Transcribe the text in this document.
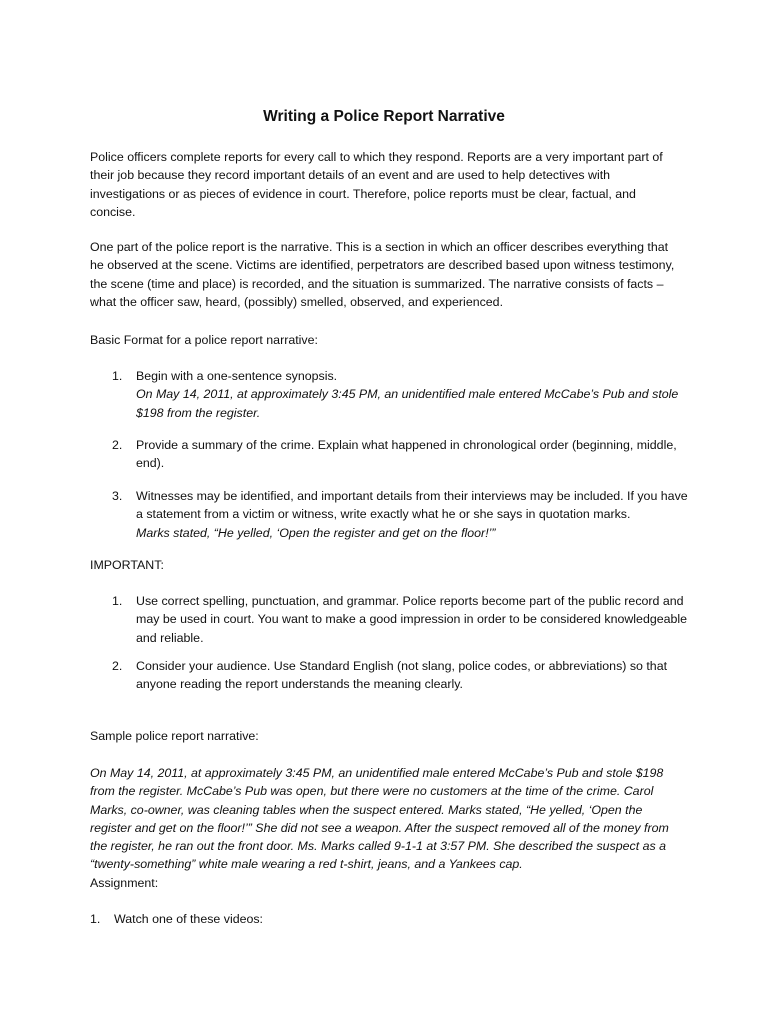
Writing a Police Report Narrative

Police officers complete reports for every call to which they respond. Reports are a very important part of their job because they record important details of an event and are used to help detectives with investigations or as pieces of evidence in court. Therefore, police reports must be clear, factual, and concise.

One part of the police report is the narrative. This is a section in which an officer describes everything that he observed at the scene. Victims are identified, perpetrators are described based upon witness testimony, the scene (time and place) is recorded, and the situation is summarized. The narrative consists of facts – what the officer saw, heard, (possibly) smelled, observed, and experienced.

Basic Format for a police report narrative:
1.	Begin with a one-sentence synopsis.
On May 14, 2011, at approximately 3:45 PM, an unidentified male entered McCabe’s Pub and stole $198 from the register.
2.	Provide a summary of the crime. Explain what happened in chronological order (beginning, middle, end).
3.	Witnesses may be identified, and important details from their interviews may be included. If you have a statement from a victim or witness, write exactly what he or she says in quotation marks.
Marks stated, “He yelled, ‘Open the register and get on the floor!’”
IMPORTANT:
1.	Use correct spelling, punctuation, and grammar. Police reports become part of the public record and may be used in court. You want to make a good impression in order to be considered knowledgeable and reliable.
2.	Consider your audience. Use Standard English (not slang, police codes, or abbreviations) so that anyone reading the report understands the meaning clearly.
Sample police report narrative:

On May 14, 2011, at approximately 3:45 PM, an unidentified male entered McCabe’s Pub and stole $198 from the register. McCabe’s Pub was open, but there were no customers at the time of the crime. Carol Marks, co-owner, was cleaning tables when the suspect entered. Marks stated, “He yelled, ‘Open the register and get on the floor!’” She did not see a weapon. After the suspect removed all of the money from the register, he ran out the front door. Ms. Marks called 9-1-1 at 3:57 PM. She described the suspect as a “twenty-something” white male wearing a red t-shirt, jeans, and a Yankees cap.

Assignment:
1.	Watch one of these videos:
